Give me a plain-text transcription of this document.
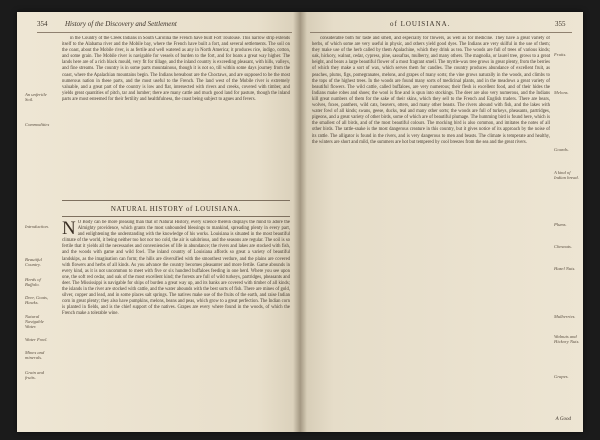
354	History of the Discovery and Settlement
An unfertile Soil.
Commodities
Introduction.
Beautiful Country.
Herds of Buffalo.
Deer, Goats, Hawks.
Natural Navigable Water.
Water Fowl.
Mines and minerals.
Grain and fruits.

in the Country of the Creek Indians in South Carolina the French have built Fort Toulouse. This narrow strip extends itself to the Alabama river and the Mobile bay, where the French have built a fort, and several settlements. The soil on the coast, about the Mobile river, is as fertile and well watered as any in North America; it produces rice, indigo, cotton, and some grain. The Mobile river is navigable for vessels of burden to the fort, and for boats a great way higher. The lands here are of a rich black mould, very fit for tillage, and the inland country is exceeding pleasant, with hills, valleys, and fine streams. The country is in some parts mountainous, though it is not so, till within some days journey from the coast, where the Apalachian mountains begin. The Indians hereabout are the Choctaws, and are supposed to be the most numerous nation in these parts, and the most useful to the French. The land west of the Mobile river is extremely valuable, and a great part of the country is low and flat, intersected with rivers and creeks, covered with timber, and yields great quantities of pitch, tar and lumber; there are many cattle and much good land for pasture, though the inland parts are most esteemed for their fertility and healthfulness, the coast being subject to agues and fevers.

NATURAL HISTORY of LOUISIANA.

N O Body can be more pleasing than that of Natural History, every science therein displays the mind to adore the Almighty providence, which grants the most unbounded blessings to mankind, spreading plenty in every part, and enlightening the understanding with the knowledge of his works. Louisiana is situated in the most beautiful climate of the world, it being neither too hot nor too cold, the air is salubrious, and the seasons are regular. The soil is so fertile that it yields all the necessaries and conveniencies of life in abundance; the rivers and lakes are stocked with fish, and the woods with game and wild fowl. The inland country of Louisiana affords so great a variety of beautiful landskips, as the imagination can form; the hills are diversified with the smoothest verdure, and the plains are covered with flowers and herbs of all kinds. As you advance the country becomes pleasanter and more fertile. Game abounds in every kind, as it is not uncommon to meet with five or six hundred buffaloes feeding in one herd. Where you see upon one, the soft red cedar, and oak of the most excellent kind; the forests are full of wild turkeys, partridges, pheasants and deer. The Mississippi is navigable for ships of burden a great way up, and its banks are covered with timber of all kinds; the islands in the river are stocked with cattle, and the water abounds with the best sorts of fish. There are mines of gold, silver, copper and lead, and in some places salt springs. The natives make use of the fruits of the earth, and raise Indian corn in great plenty; they also have pumpkins, melons, beans and peas, which grow to a great perfection. The Indian corn is planted in fields, and is the chief support of the natives. Grapes are every where found in the woods, of which the French make a tolerable wine.

of LOUISIANA.	355

considerable both for taste and smell, and especially for flowers, as well as for medicine. They have a great variety of herbs, of which some are very useful in physic, and others yield good dyes. The Indians are very skilful in the use of them; they make use of the herb called by them Apalachine, which they drink as tea. The woods are full of trees of various kinds; oak, hickory, walnut, cedar, cypress, pine, sassafras, mulberry, and many others. The magnolia, or laurel tree, grows to a great height, and bears a large beautiful flower of a most fragrant smell. The myrtle-wax tree grows in great plenty, from the berries of which they make a sort of wax, which serves them for candles. The country produces abundance of excellent fruit, as peaches, plums, figs, pomegranates, melons, and grapes of many sorts; the vine grows naturally in the woods, and climbs to the tops of the highest trees. In the woods are found many sorts of medicinal plants, and in the meadows a great variety of beautiful flowers. The wild cattle, called buffaloes, are very numerous; their flesh is excellent food, and of their hides the Indians make robes and shoes; the wool is fine and is spun into stockings. The deer are also very numerous, and the Indians kill great numbers of them for the sake of their skins, which they sell to the French and English traders. There are bears, wolves, foxes, panthers, wild cats, beavers, otters, and many other beasts. The rivers abound with fish, and the lakes with water fowl of all kinds; swans, geese, ducks, teal and many other sorts; the woods are full of turkeys, pheasants, partridges, pigeons, and a great variety of other birds, some of which are of beautiful plumage. The humming bird is found here, which is the smallest of all birds, and of the most beautiful colours. The mocking bird is also common, and imitates the notes of all other birds. The rattle-snake is the most dangerous creature in this country, but it gives notice of its approach by the noise of its rattle. The alligator is found in the rivers, and is very dangerous to men and beasts. The climate is temperate and healthy, the winters are short and mild, the summers are hot but tempered by cool breezes from the sea and the great rivers.

Fruits.
Melons.
Gourds.
A kind of Indian bread.
Plums.
Chesnuts.
Hazel Nuts.
Mulberries.
Walnuts and Hickory Nuts.
Grapes.
A Good
